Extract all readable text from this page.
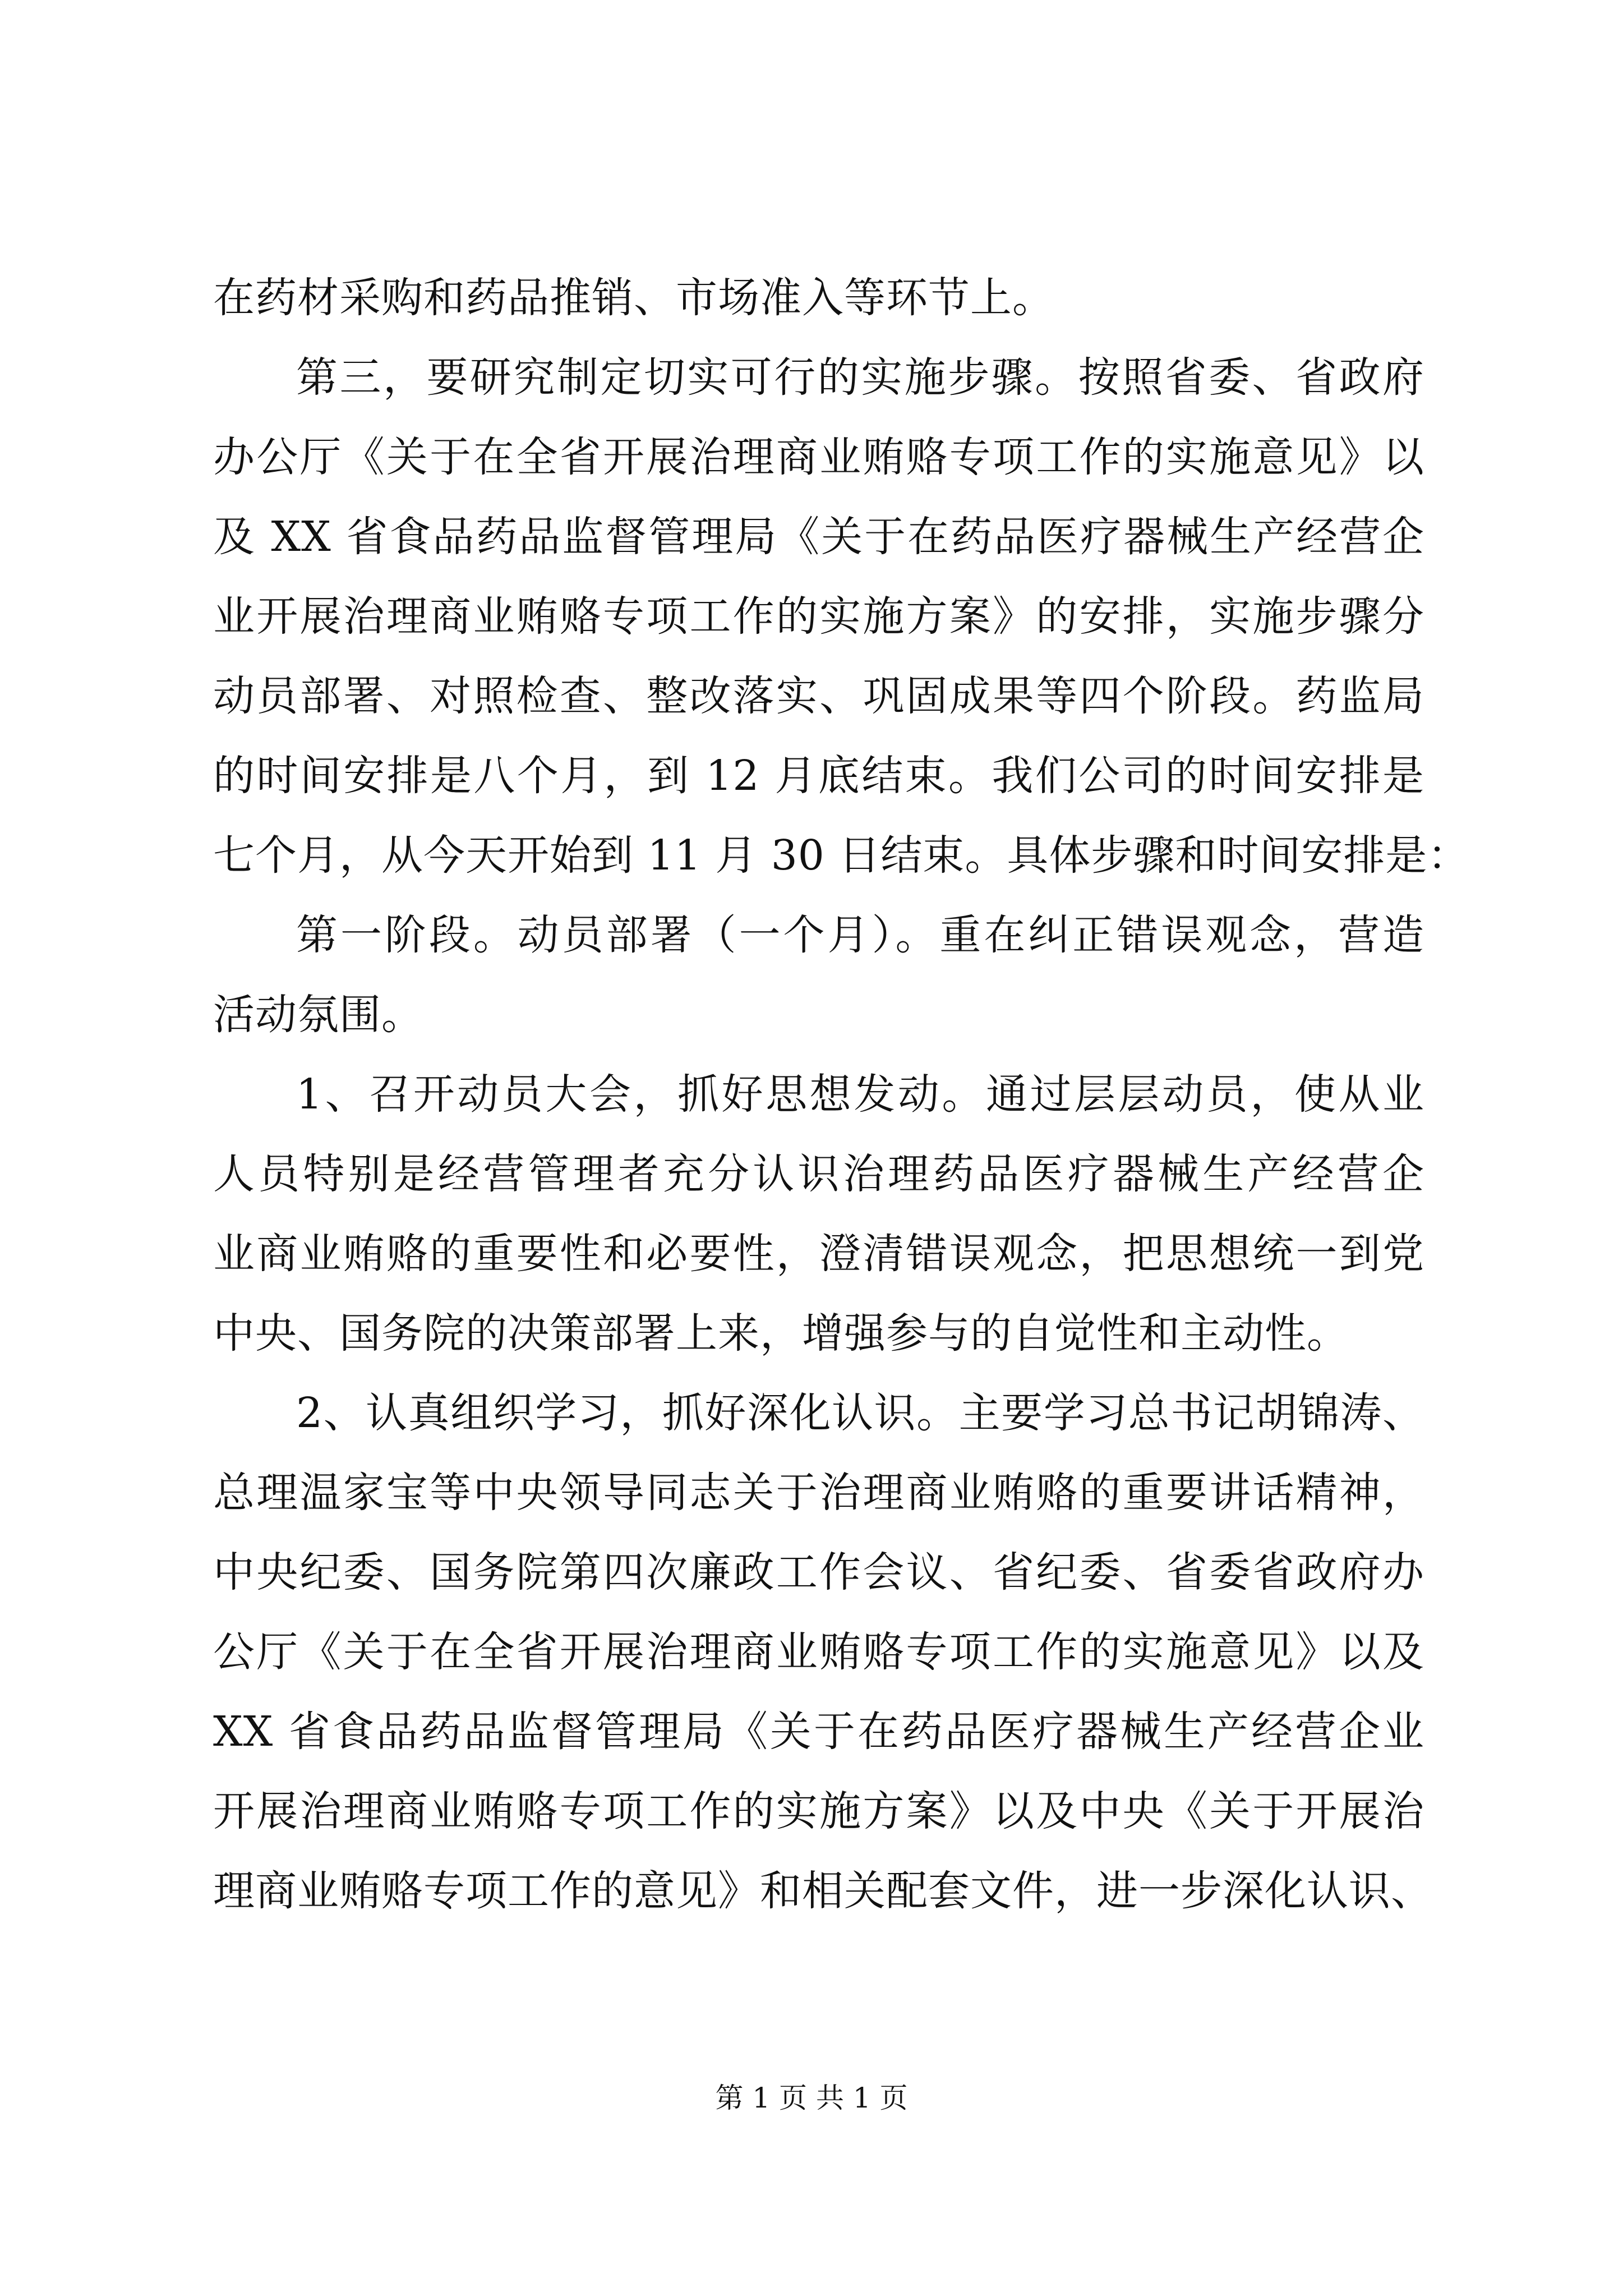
在药材采购和药品推销、市场准入等环节上。
第三，要研究制定切实可行的实施步骤。按照省委、省政府
办公厅《关于在全省开展治理商业贿赂专项工作的实施意见》以
及 XX 省食品药品监督管理局《关于在药品医疗器械生产经营企
业开展治理商业贿赂专项工作的实施方案》的安排，实施步骤分
动员部署、对照检查、整改落实、巩固成果等四个阶段。药监局
的时间安排是八个月，到 12 月底结束。我们公司的时间安排是
七个月，从今天开始到 11 月 30 日结束。具体步骤和时间安排是：
第一阶段。动员部署（一个月）。重在纠正错误观念，营造
活动氛围。
1、召开动员大会，抓好思想发动。通过层层动员，使从业
人员特别是经营管理者充分认识治理药品医疗器械生产经营企
业商业贿赂的重要性和必要性，澄清错误观念，把思想统一到党
中央、国务院的决策部署上来，增强参与的自觉性和主动性。
2、认真组织学习，抓好深化认识。主要学习总书记胡锦涛、
总理温家宝等中央领导同志关于治理商业贿赂的重要讲话精神，
中央纪委、国务院第四次廉政工作会议、省纪委、省委省政府办
公厅《关于在全省开展治理商业贿赂专项工作的实施意见》以及
XX 省食品药品监督管理局《关于在药品医疗器械生产经营企业
开展治理商业贿赂专项工作的实施方案》以及中央《关于开展治
理商业贿赂专项工作的意见》和相关配套文件，进一步深化认识、
第 1 页 共 1 页
